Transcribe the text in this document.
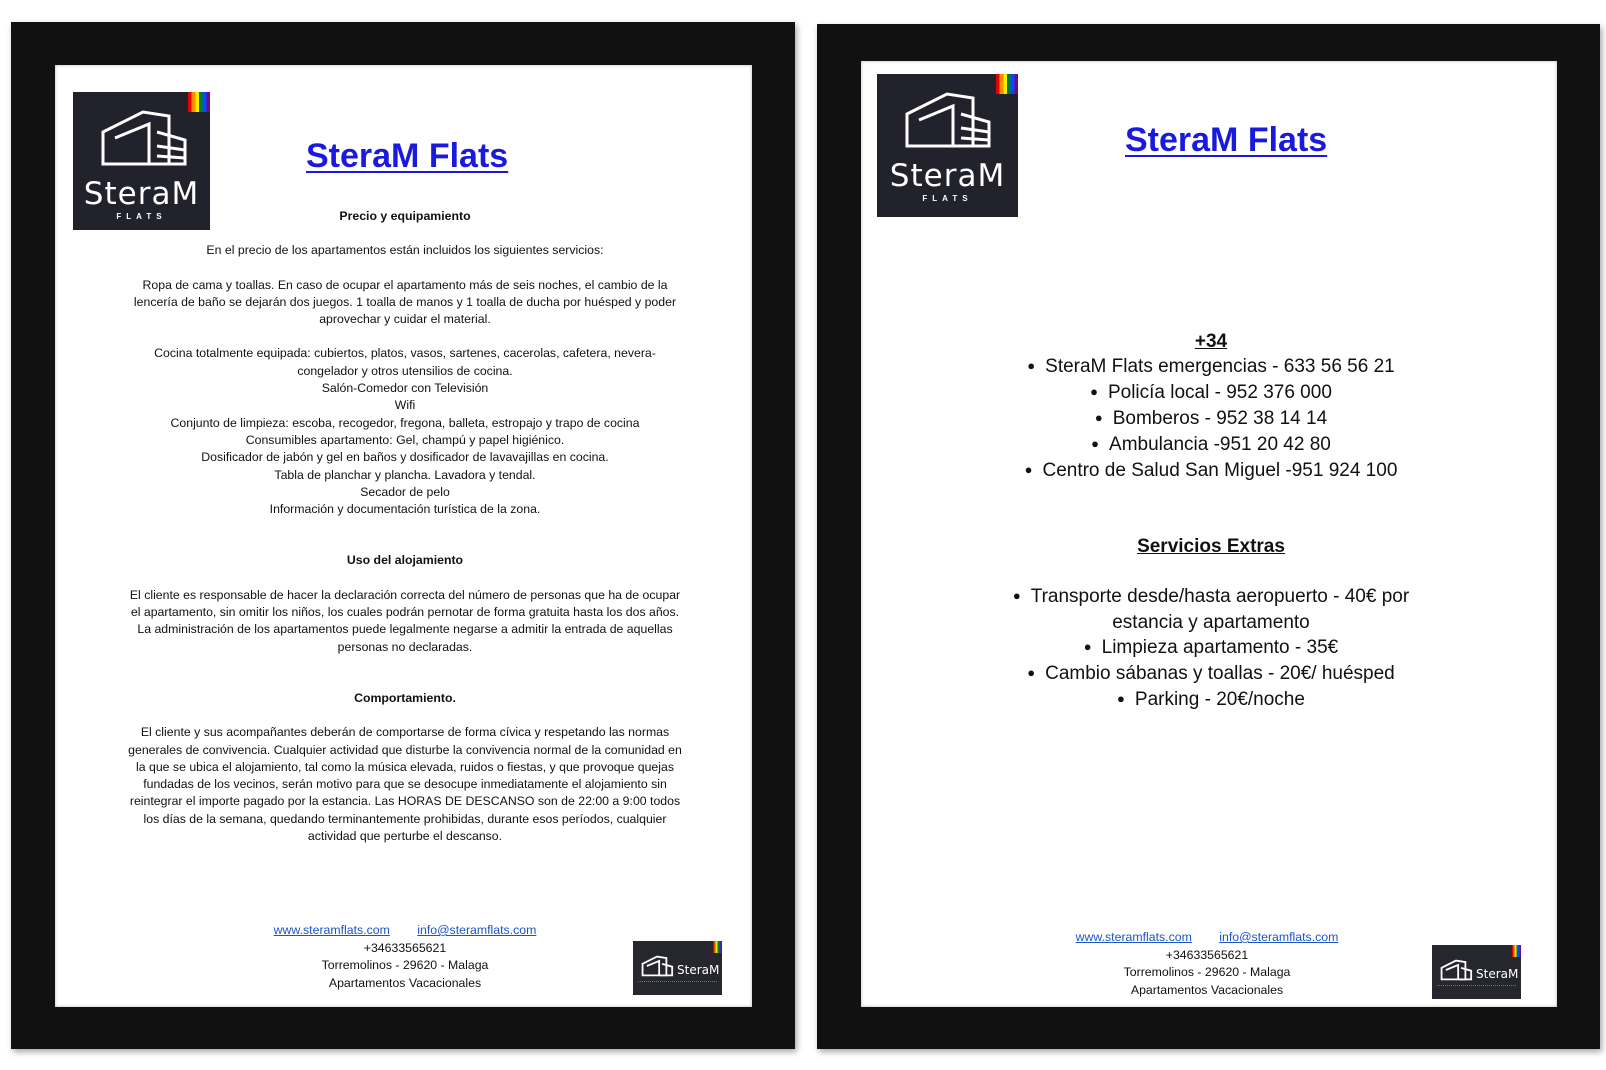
SteraM
FLATS
SteraM Flats

Precio y equipamiento

En el precio de los apartamentos están incluidos los siguientes servicios:

Ropa de cama y toallas. En caso de ocupar el apartamento más de seis noches, el cambio de la lencería de baño se dejarán dos juegos. 1 toalla de manos y 1 toalla de ducha por huésped y poder aprovechar y cuidar el material.

Cocina totalmente equipada: cubiertos, platos, vasos, sartenes, cacerolas, cafetera, nevera-congelador y otros utensilios de cocina.

Salón-Comedor con Televisión

Wifi

Conjunto de limpieza: escoba, recogedor, fregona, balleta, estropajo y trapo de cocina

Consumibles apartamento: Gel, champú y papel higiénico.

Dosificador de jabón y gel en baños y dosificador de lavavajillas en cocina.

Tabla de planchar y plancha. Lavadora y tendal.

Secador de pelo

Información y documentación turística de la zona.

Uso del alojamiento

El cliente es responsable de hacer la declaración correcta del número de personas que ha de ocupar el apartamento, sin omitir los niños, los cuales podrán pernotar de forma gratuita hasta los dos años. La administración de los apartamentos puede legalmente negarse a admitir la entrada de aquellas personas no declaradas.

Comportamiento.

El cliente y sus acompañantes deberán de comportarse de forma cívica y respetando las normas generales de convivencia. Cualquier actividad que disturbe la convivencia normal de la comunidad en la que se ubica el alojamiento, tal como la música elevada, ruidos o fiestas, y que provoque quejas fundadas de los vecinos, serán motivo para que se desocupe inmediatamente el alojamiento sin reintegrar el importe pagado por la estancia. Las HORAS DE DESCANSO son de 22:00 a 9:00 todos los días de la semana, quedando terminantemente prohibidas, durante esos períodos, cualquier actividad que perturbe el descanso.

www.steramflats.com info@steramflats.com
+34633565621
Torremolinos - 29620 - Malaga
Apartamentos Vacacionales
SteraM
SteraM
FLATS
SteraM Flats

+34

● SteraM Flats emergencias - 633 56 56 21
● Policía local - 952 376 000
● Bomberos - 952 38 14 14
● Ambulancia -951 20 42 80
● Centro de Salud San Miguel -951 924 100

Servicios Extras

● Transporte desde/hasta aeropuerto - 40€ por estancia y apartamento
● Limpieza apartamento - 35€
● Cambio sábanas y toallas - 20€/ huésped
● Parking - 20€/noche
www.steramflats.com info@steramflats.com
+34633565621
Torremolinos - 29620 - Malaga
Apartamentos Vacacionales
SteraM
